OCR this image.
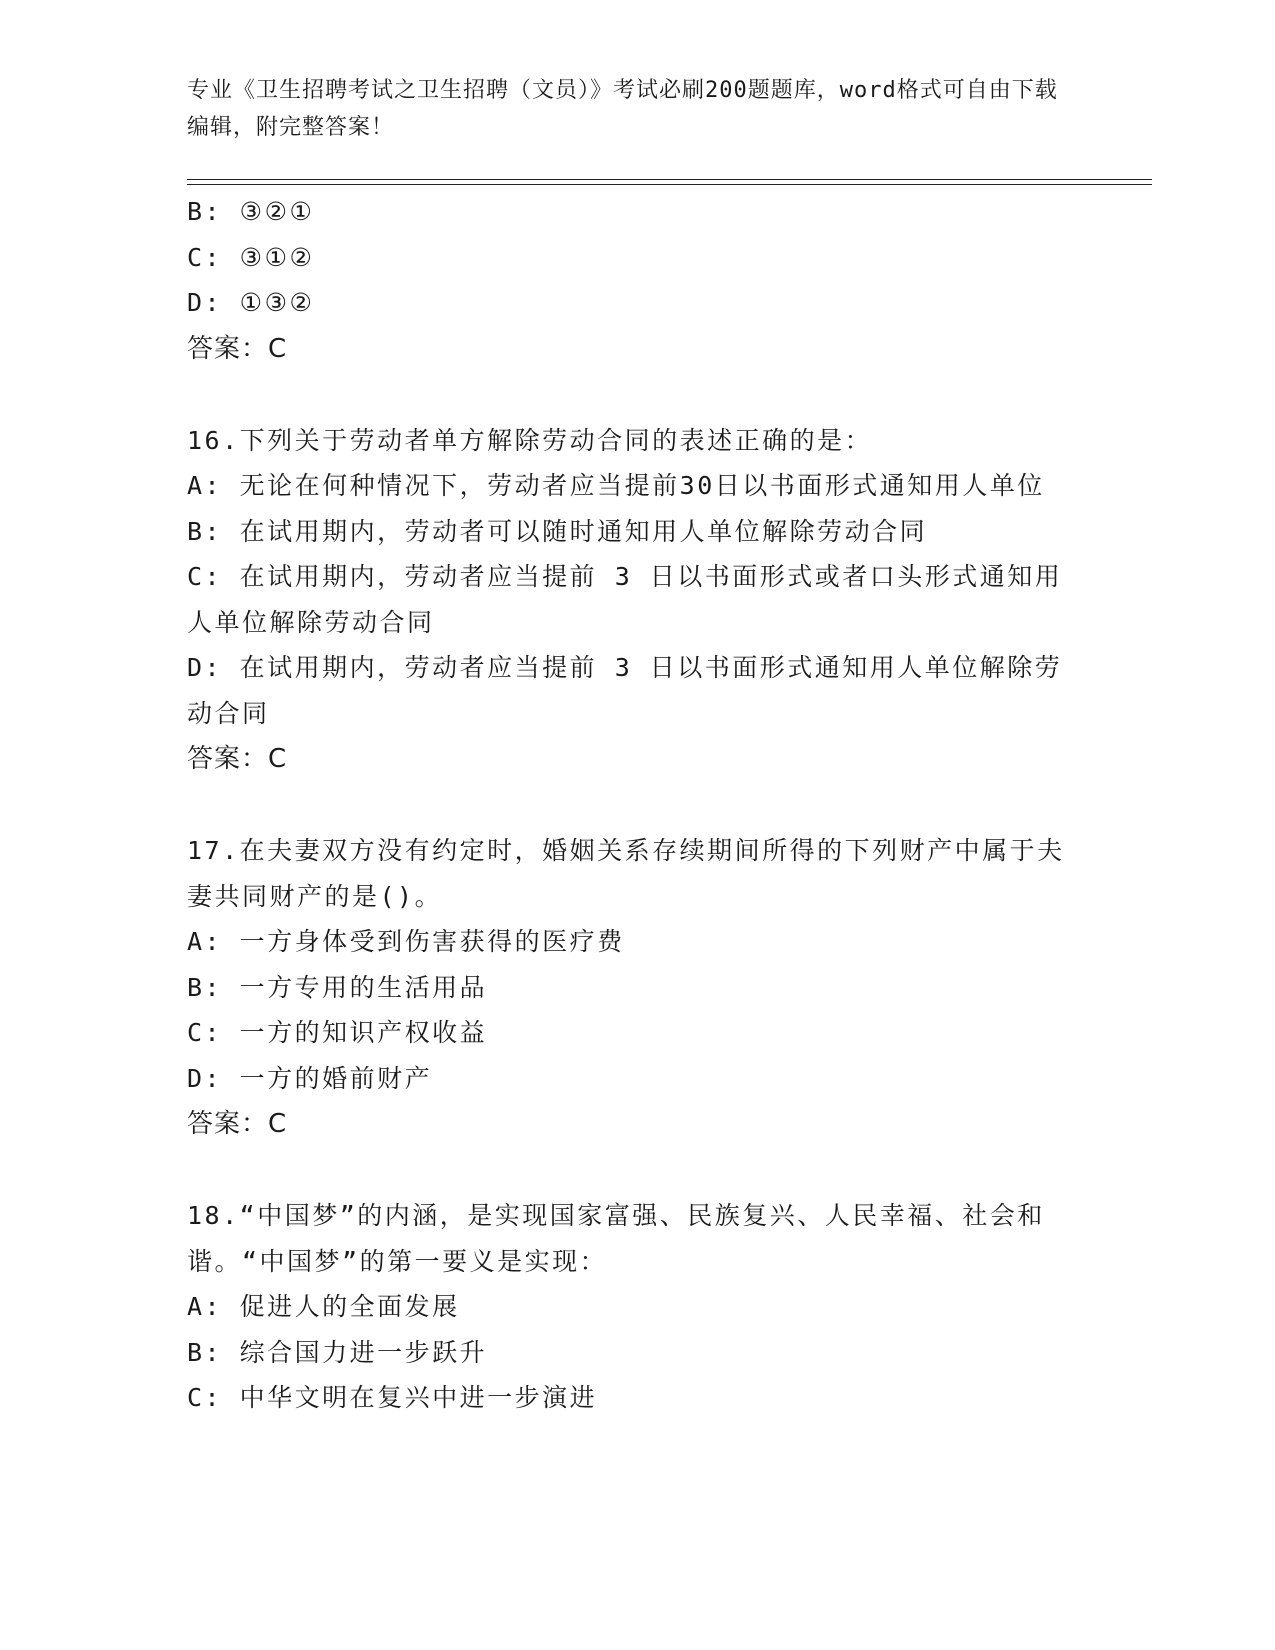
专业《卫生招聘考试之卫生招聘（文员）》考试必刷200题题库，word格式可自由下载编辑，附完整答案！

B: ③②①

C: ③①②

D: ①③②

答案：C

16.下列关于劳动者单方解除劳动合同的表述正确的是：

A: 无论在何种情况下，劳动者应当提前30日以书面形式通知用人单位

B: 在试用期内，劳动者可以随时通知用人单位解除劳动合同

C: 在试用期内，劳动者应当提前 3 日以书面形式或者口头形式通知用人单位解除劳动合同

D: 在试用期内，劳动者应当提前 3 日以书面形式通知用人单位解除劳动合同

答案：C

17.在夫妻双方没有约定时，婚姻关系存续期间所得的下列财产中属于夫妻共同财产的是()。

A: 一方身体受到伤害获得的医疗费

B: 一方专用的生活用品

C: 一方的知识产权收益

D: 一方的婚前财产

答案：C

18.“中国梦”的内涵，是实现国家富强、民族复兴、人民幸福、社会和谐。“中国梦”的第一要义是实现：

A: 促进人的全面发展

B: 综合国力进一步跃升

C: 中华文明在复兴中进一步演进
